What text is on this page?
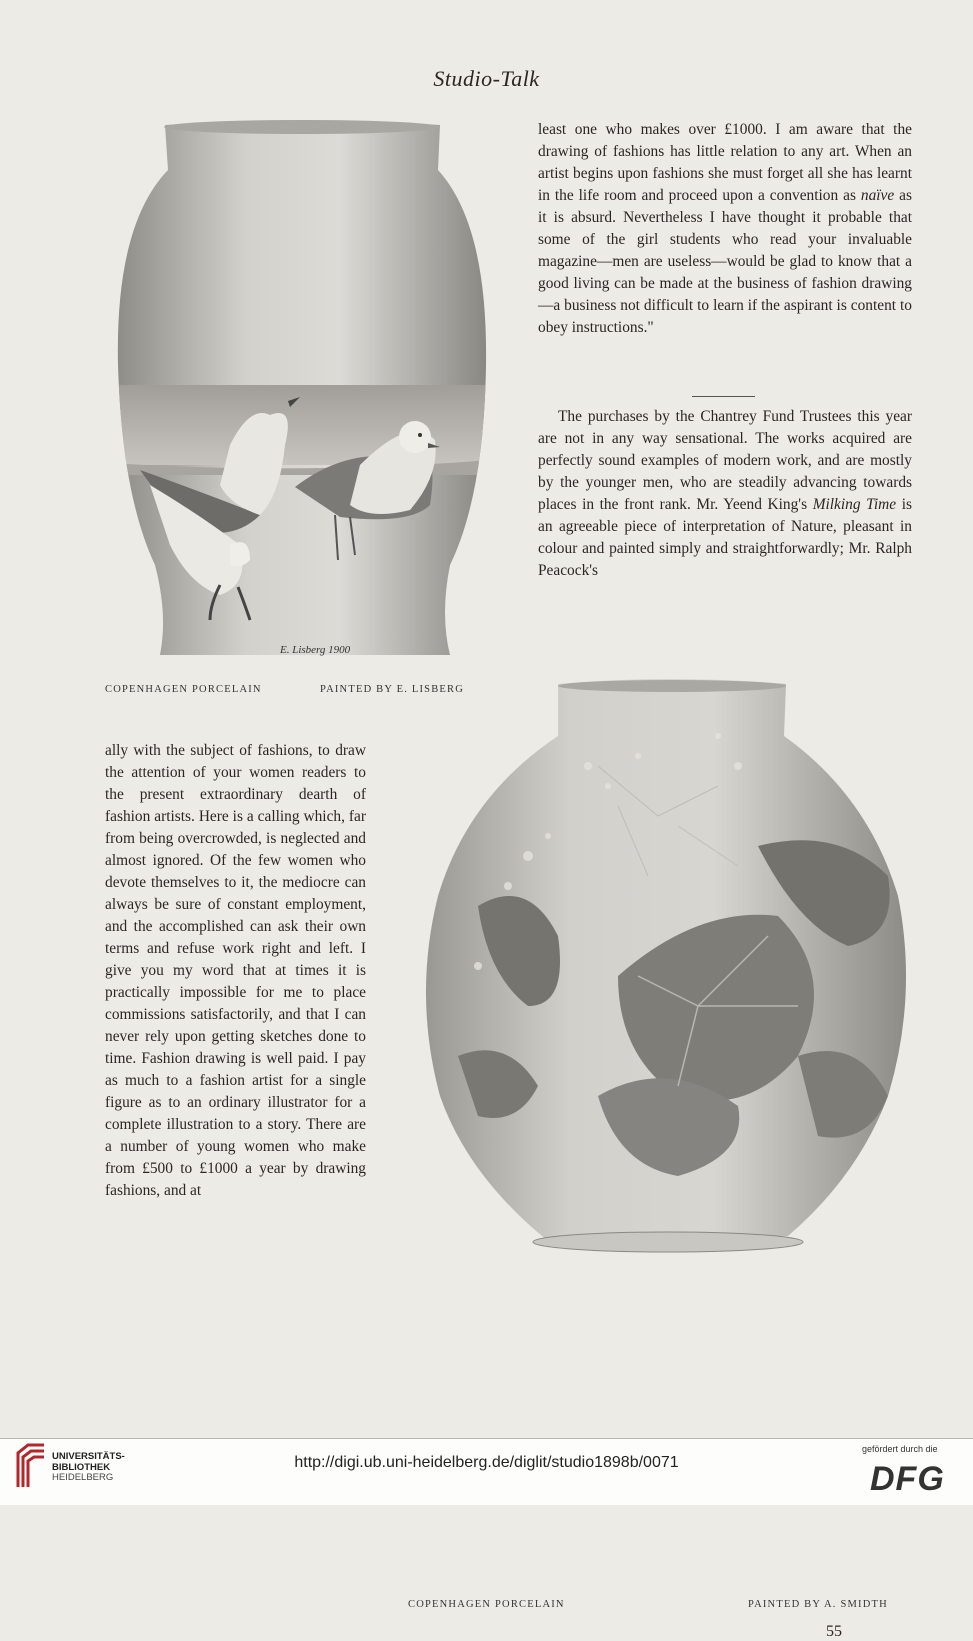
Studio-Talk
E. Lisberg 1900
COPENHAGEN PORCELAIN	PAINTED BY E. LISBERG

least one who makes over £1000. I am aware that the drawing of fashions has little relation to any art. When an artist begins upon fashions she must forget all she has learnt in the life room and proceed upon a convention as naïve as it is absurd. Nevertheless I have thought it probable that some of the girl students who read your invaluable magazine—men are useless—would be glad to know that a good living can be made at the business of fashion drawing—a business not difficult to learn if the aspirant is content to obey instructions."

The purchases by the Chantrey Fund Trustees this year are not in any way sensational. The works acquired are perfectly sound examples of modern work, and are mostly by the younger men, who are steadily advancing towards places in the front rank. Mr. Yeend King's Milking Time is an agreeable piece of interpretation of Nature, pleasant in colour and painted simply and straightforwardly; Mr. Ralph Peacock's

ally with the subject of fashions, to draw the attention of your women readers to the present extraordinary dearth of fashion artists. Here is a calling which, far from being overcrowded, is neglected and almost ignored. Of the few women who devote themselves to it, the mediocre can always be sure of constant employment, and the accomplished can ask their own terms and refuse work right and left. I give you my word that at times it is practically impossible for me to place commissions satisfactorily, and that I can never rely upon getting sketches done to time. Fashion drawing is well paid. I pay as much to a fashion artist for a single figure as to an ordinary illustrator for a complete illustration to a story. There are a number of young women who make from £500 to £1000 a year by drawing fashions, and at

COPENHAGEN PORCELAIN	PAINTED BY A. SMIDTH
55
UNIVERSITÄTS-
BIBLIOTHEK
HEIDELBERG
http://digi.ub.uni-heidelberg.de/diglit/studio1898b/0071
gefördert durch die
DFG
